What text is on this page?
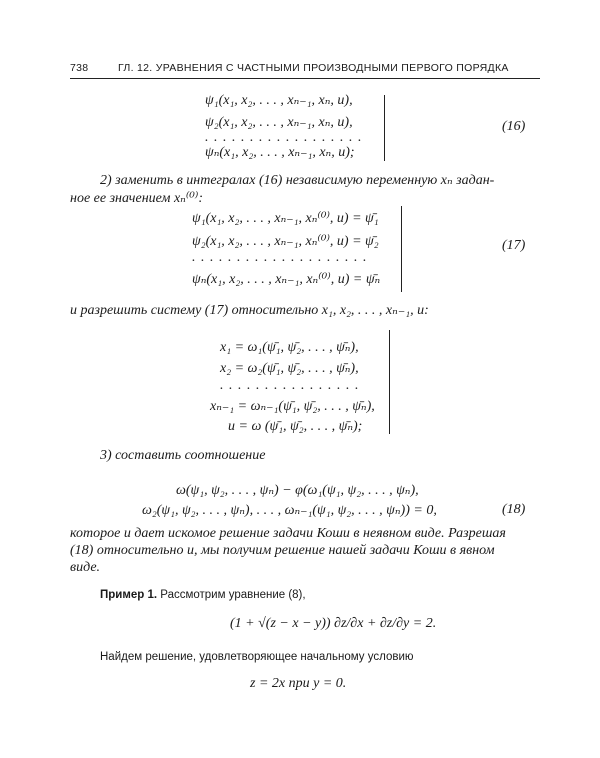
738	ГЛ. 12. УРАВНЕНИЯ С ЧАСТНЫМИ ПРОИЗВОДНЫМИ ПЕРВОГО ПОРЯДКА
ψ₁(x₁, x₂, . . . , xₙ₋₁, xₙ, u),
ψ₂(x₁, x₂, . . . , xₙ₋₁, xₙ, u),
. . . . . . . . . . . . . . . . . .
ψₙ(x₁, x₂, . . . , xₙ₋₁, xₙ, u);
(16)
2) заменить в интегралах (16) независимую переменную xₙ задан-
ное ее значением xₙ⁽⁰⁾:
ψ₁(x₁, x₂, . . . , xₙ₋₁, xₙ⁽⁰⁾, u) = ψ̄₁
ψ₂(x₁, x₂, . . . , xₙ₋₁, xₙ⁽⁰⁾, u) = ψ̄₂
. . . . . . . . . . . . . . . . . . . .
ψₙ(x₁, x₂, . . . , xₙ₋₁, xₙ⁽⁰⁾, u) = ψ̄ₙ
(17)
и разрешить систему (17) относительно x₁, x₂, . . . , xₙ₋₁, u:
x₁ = ω₁(ψ̄₁, ψ̄₂, . . . , ψ̄ₙ),
x₂ = ω₂(ψ̄₁, ψ̄₂, . . . , ψ̄ₙ),
. . . . . . . . . . . . . . . .
xₙ₋₁ = ωₙ₋₁(ψ̄₁, ψ̄₂, . . . , ψ̄ₙ),
u = ω (ψ̄₁, ψ̄₂, . . . , ψ̄ₙ);
3) составить соотношение
ω(ψ₁, ψ₂, . . . , ψₙ) − φ(ω₁(ψ₁, ψ₂, . . . , ψₙ),
ω₂(ψ₁, ψ₂, . . . , ψₙ), . . . , ωₙ₋₁(ψ₁, ψ₂, . . . , ψₙ)) = 0,	(18)
которое и дает искомое решение задачи Коши в неявном виде. Разрешая
(18) относительно u, мы получим решение нашей задачи Коши в явном
виде.
Пример 1. Рассмотрим уравнение (8),
(1 + √(z − x − y)) ∂z/∂x + ∂z/∂y = 2.
Найдем решение, удовлетворяющее начальному условию
z = 2x при y = 0.
